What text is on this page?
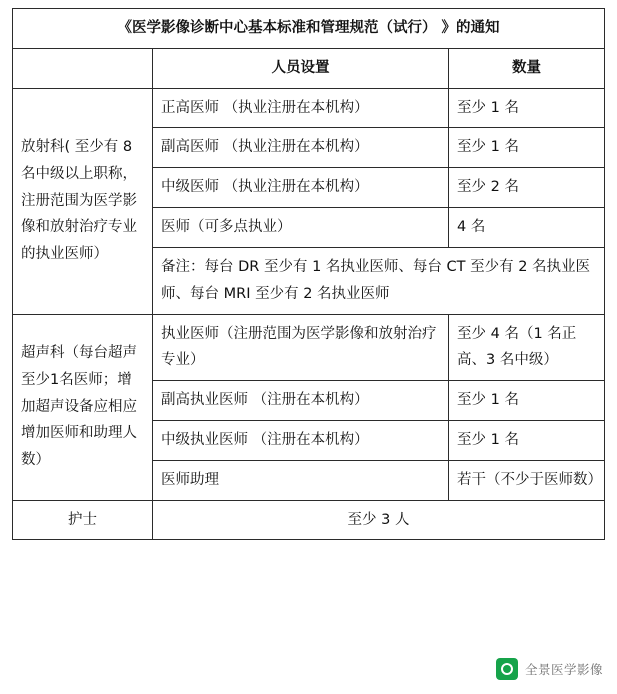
《医学影像诊断中心基本标准和管理规范（试行） 》的通知		
	人员设置	数量
放射科( 至少有 8 名中级以上职称，注册范围为医学影像和放射治疗专业的执业医师）	正高医师 （执业注册在本机构）	至少 1 名
	副高医师 （执业注册在本机构）	至少 1 名
	中级医师 （执业注册在本机构）	至少 2 名
	医师（可多点执业）	4 名
	备注：每台 DR 至少有 1 名执业医师、每台 CT 至少有 2 名执业医师、每台 MRI 至少有 2 名执业医师	
超声科（每台超声至少1名医师；增加超声设备应相应增加医师和助理人数）	执业医师（注册范围为医学影像和放射治疗专业）	至少 4 名（1 名正高、3 名中级）
	副高执业医师 （注册在本机构）	至少 1 名
	中级执业医师 （注册在本机构）	至少 1 名
	医师助理	若干（不少于医师数）
护士	至少 3 人	
全景医学影像
